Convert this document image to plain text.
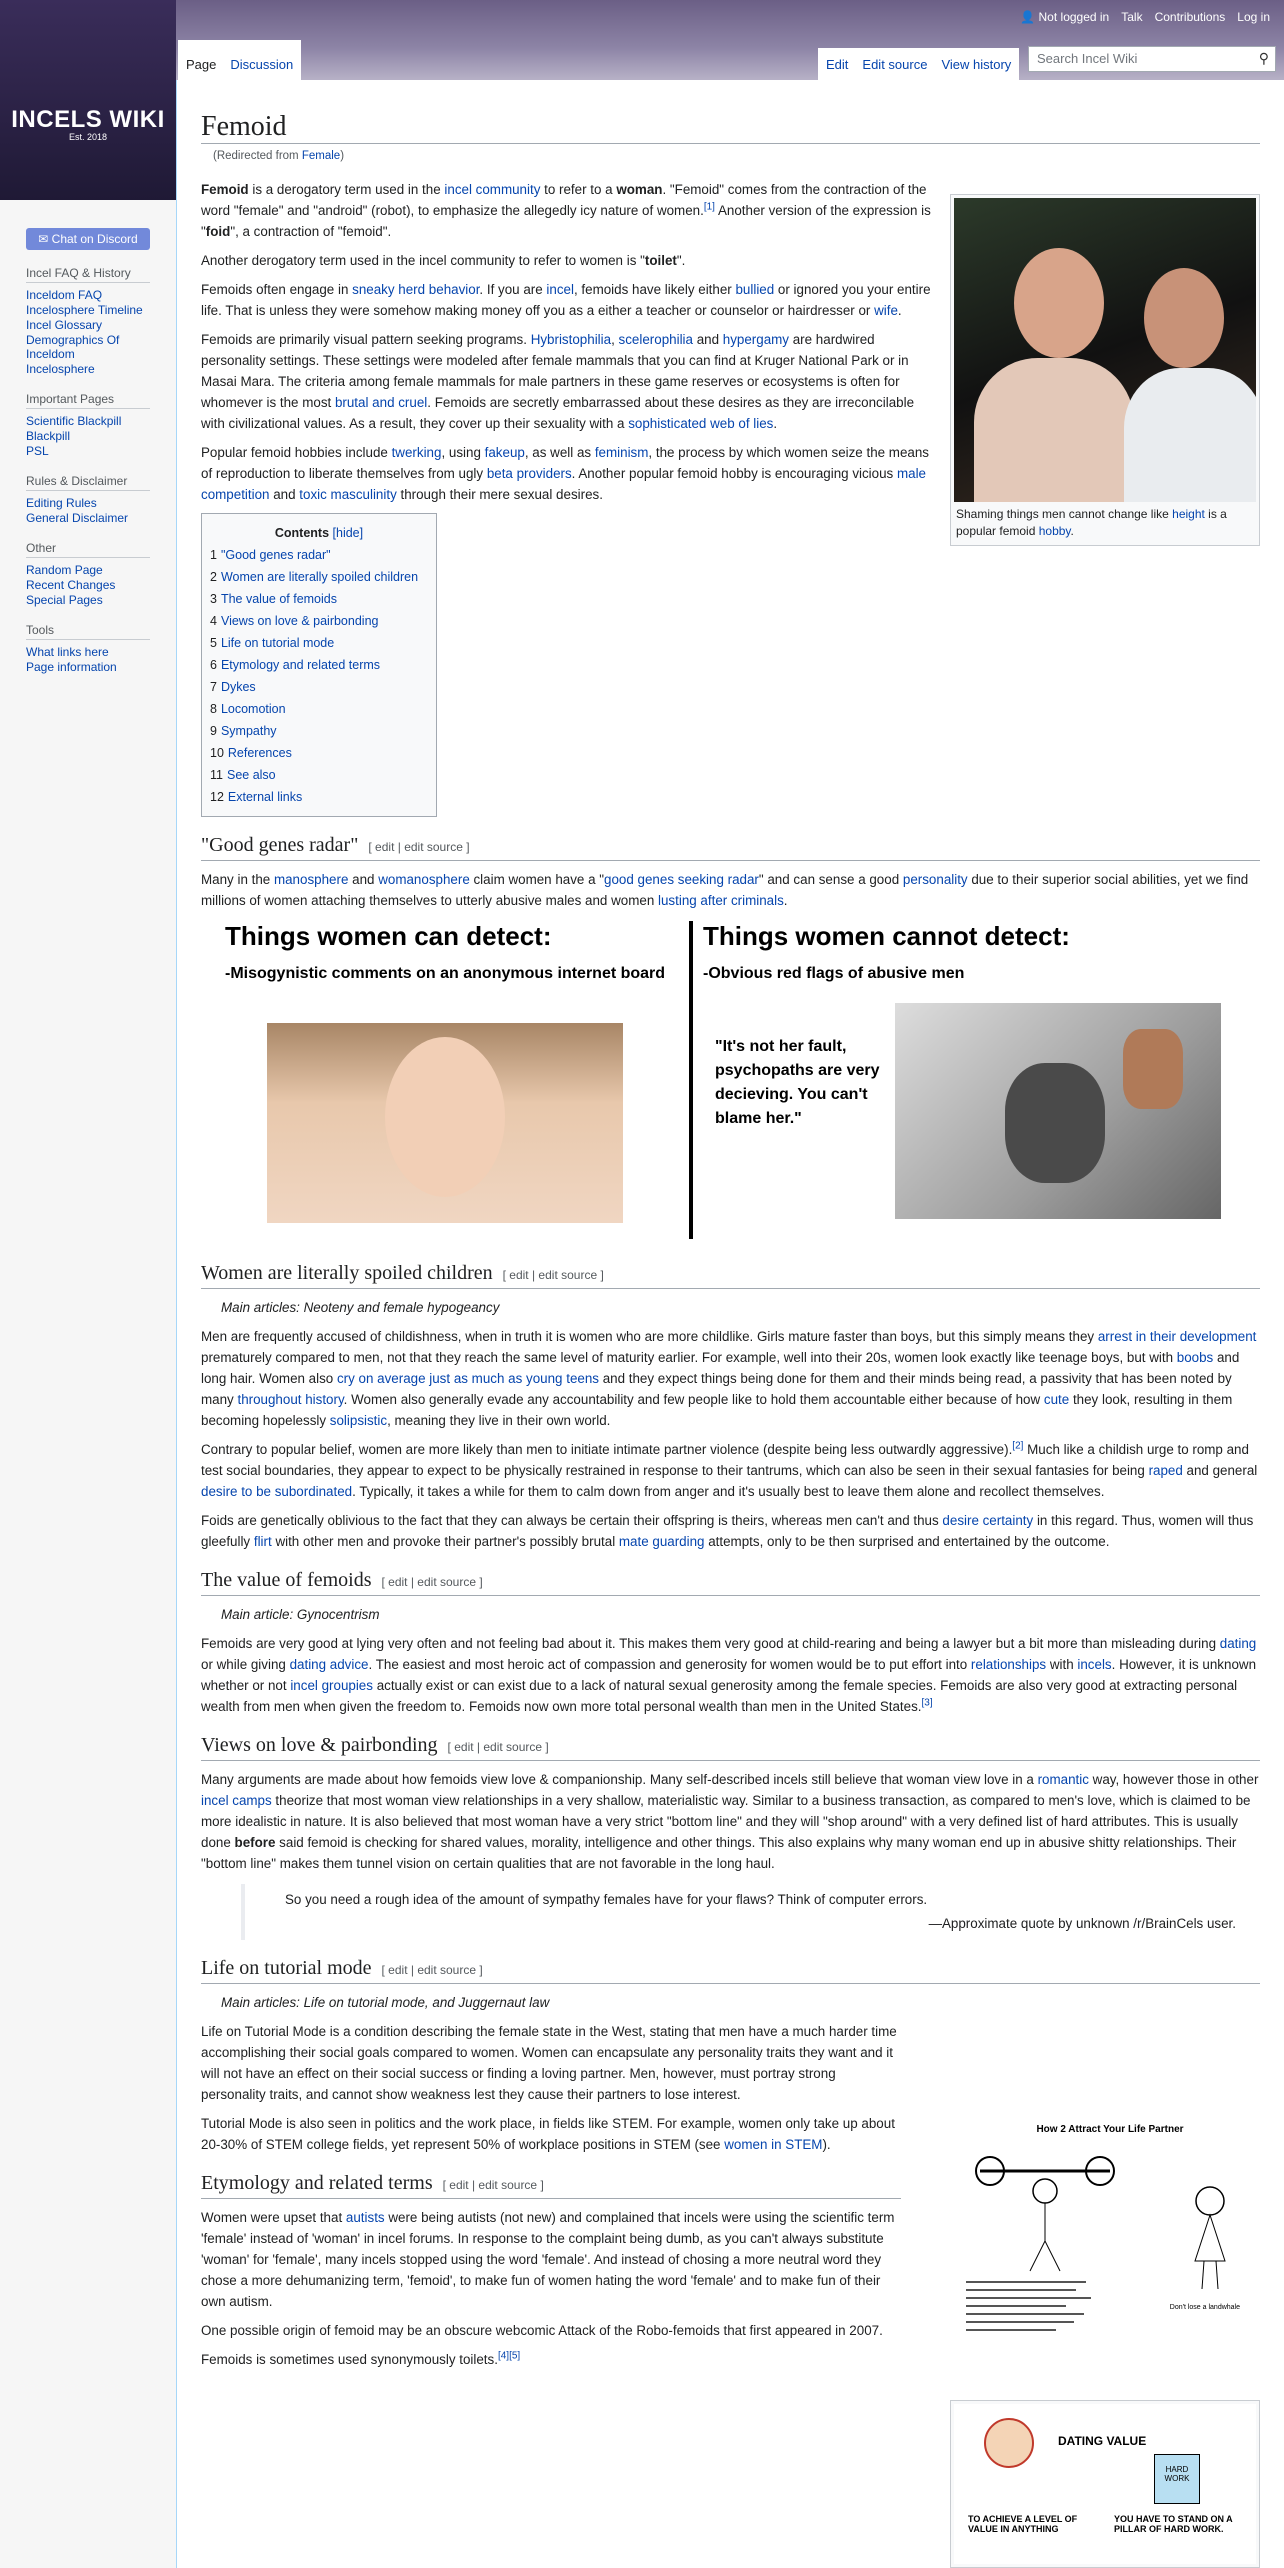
INCELS WIKI
Est. 2018
👤 Not logged in Talk Contributions Log in
Page Discussion	Edit Edit source View history	Search Incel Wiki	⚲
✉ Chat on Discord
Incel FAQ & History
Inceldom FAQ
Incelosphere Timeline
Incel Glossary
Demographics Of Inceldom
Incelosphere
Important Pages
Scientific Blackpill
Blackpill
PSL
Rules & Disclaimer
Editing Rules
General Disclaimer
Other
Random Page
Recent Changes
Special Pages
Tools
What links here
Page information
Femoid
(Redirected from Female)
Shaming things men cannot change like height is a popular femoid hobby.

Femoid is a derogatory term used in the incel community to refer to a woman. "Femoid" comes from the contraction of the word "female" and "android" (robot), to emphasize the allegedly icy nature of women.[1] Another version of the expression is "foid", a contraction of "femoid".

Another derogatory term used in the incel community to refer to women is "toilet".

Femoids often engage in sneaky herd behavior. If you are incel, femoids have likely either bullied or ignored you your entire life. That is unless they were somehow making money off you as a either a teacher or counselor or hairdresser or wife.

Femoids are primarily visual pattern seeking programs. Hybristophilia, scelerophilia and hypergamy are hardwired personality settings. These settings were modeled after female mammals that you can find at Kruger National Park or in Masai Mara. The criteria among female mammals for male partners in these game reserves or ecosystems is often for whomever is the most brutal and cruel. Femoids are secretly embarrassed about these desires as they are irreconcilable with civilizational values. As a result, they cover up their sexuality with a sophisticated web of lies.

Popular femoid hobbies include twerking, using fakeup, as well as feminism, the process by which women seize the means of reproduction to liberate themselves from ugly beta providers. Another popular femoid hobby is encouraging vicious male competition and toxic masculinity through their mere sexual desires.

Contents [hide]
1 "Good genes radar"
2 Women are literally spoiled children
3 The value of femoids
4 Views on love & pairbonding
5 Life on tutorial mode
6 Etymology and related terms
7 Dykes
8 Locomotion
9 Sympathy
10 References
11 See also
12 External links
"Good genes radar" [ edit | edit source ]

Many in the manosphere and womanosphere claim women have a "good genes seeking radar" and can sense a good personality due to their superior social abilities, yet we find millions of women attaching themselves to utterly abusive males and women lusting after criminals.

Things women can detect:
-Misogynistic comments on an anonymous internet board
Things women cannot detect:
-Obvious red flags of abusive men
"It's not her fault, psychopaths are very decieving. You can't blame her."
Women are literally spoiled children [ edit | edit source ]
Main articles: Neoteny and female hypogeancy

Men are frequently accused of childishness, when in truth it is women who are more childlike. Girls mature faster than boys, but this simply means they arrest in their development prematurely compared to men, not that they reach the same level of maturity earlier. For example, well into their 20s, women look exactly like teenage boys, but with boobs and long hair. Women also cry on average just as much as young teens and they expect things being done for them and their minds being read, a passivity that has been noted by many throughout history. Women also generally evade any accountability and few people like to hold them accountable either because of how cute they look, resulting in them becoming hopelessly solipsistic, meaning they live in their own world.

Contrary to popular belief, women are more likely than men to initiate intimate partner violence (despite being less outwardly aggressive).[2] Much like a childish urge to romp and test social boundaries, they appear to expect to be physically restrained in response to their tantrums, which can also be seen in their sexual fantasies for being raped and general desire to be subordinated. Typically, it takes a while for them to calm down from anger and it's usually best to leave them alone and recollect themselves.

Foids are genetically oblivious to the fact that they can always be certain their offspring is theirs, whereas men can't and thus desire certainty in this regard. Thus, women will thus gleefully flirt with other men and provoke their partner's possibly brutal mate guarding attempts, only to be then surprised and entertained by the outcome.

The value of femoids [ edit | edit source ]
Main article: Gynocentrism

Femoids are very good at lying very often and not feeling bad about it. This makes them very good at child-rearing and being a lawyer but a bit more than misleading during dating or while giving dating advice. The easiest and most heroic act of compassion and generosity for women would be to put effort into relationships with incels. However, it is unknown whether or not incel groupies actually exist or can exist due to a lack of natural sexual generosity among the female species. Femoids are also very good at extracting personal wealth from men when given the freedom to. Femoids now own more total personal wealth than men in the United States.[3]

Views on love & pairbonding [ edit | edit source ]

Many arguments are made about how femoids view love & companionship. Many self-described incels still believe that woman view love in a romantic way, however those in other incel camps theorize that most woman view relationships in a very shallow, materialistic way. Similar to a business transaction, as compared to men's love, which is claimed to be more idealistic in nature. It is also believed that most woman have a very strict "bottom line" and they will "shop around" with a very defined list of hard attributes. This is usually done before said femoid is checking for shared values, morality, intelligence and other things. This also explains why many woman end up in abusive shitty relationships. Their "bottom line" makes them tunnel vision on certain qualities that are not favorable in the long haul.

So you need a rough idea of the amount of sympathy females have for your flaws? Think of computer errors.
—Approximate quote by unknown /r/BrainCels user.
Life on tutorial mode [ edit | edit source ]
Main articles: Life on tutorial mode, and Juggernaut law

Life on Tutorial Mode is a condition describing the female state in the West, stating that men have a much harder time accomplishing their social goals compared to women. Women can encapsulate any personality traits they want and it will not have an effect on their social success or finding a loving partner. Men, however, must portray strong personality traits, and cannot show weakness lest they cause their partners to lose interest.

Tutorial Mode is also seen in politics and the work place, in fields like STEM. For example, women only take up about 20-30% of STEM college fields, yet represent 50% of workplace positions in STEM (see women in STEM).

Etymology and related terms [ edit | edit source ]

Women were upset that autists were being autists (not new) and complained that incels were using the scientific term 'female' instead of 'woman' in incel forums. In response to the complaint being dumb, as you can't always substitute 'woman' for 'female', many incels stopped using the word 'female'. And instead of chosing a more neutral word they chose a more dehumanizing term, 'femoid', to make fun of women hating the word 'female' and to make fun of their own autism.

One possible origin of femoid may be an obscure webcomic Attack of the Robo-femoids that first appeared in 2007.

Femoids is sometimes used synonymously toilets.[4][5]

How 2 Attract Your Life Partner
Don't lose a landwhale
DATING VALUE
HARD WORK
TO ACHIEVE A LEVEL OF VALUE IN ANYTHING
YOU HAVE TO STAND ON A PILLAR OF HARD WORK.
